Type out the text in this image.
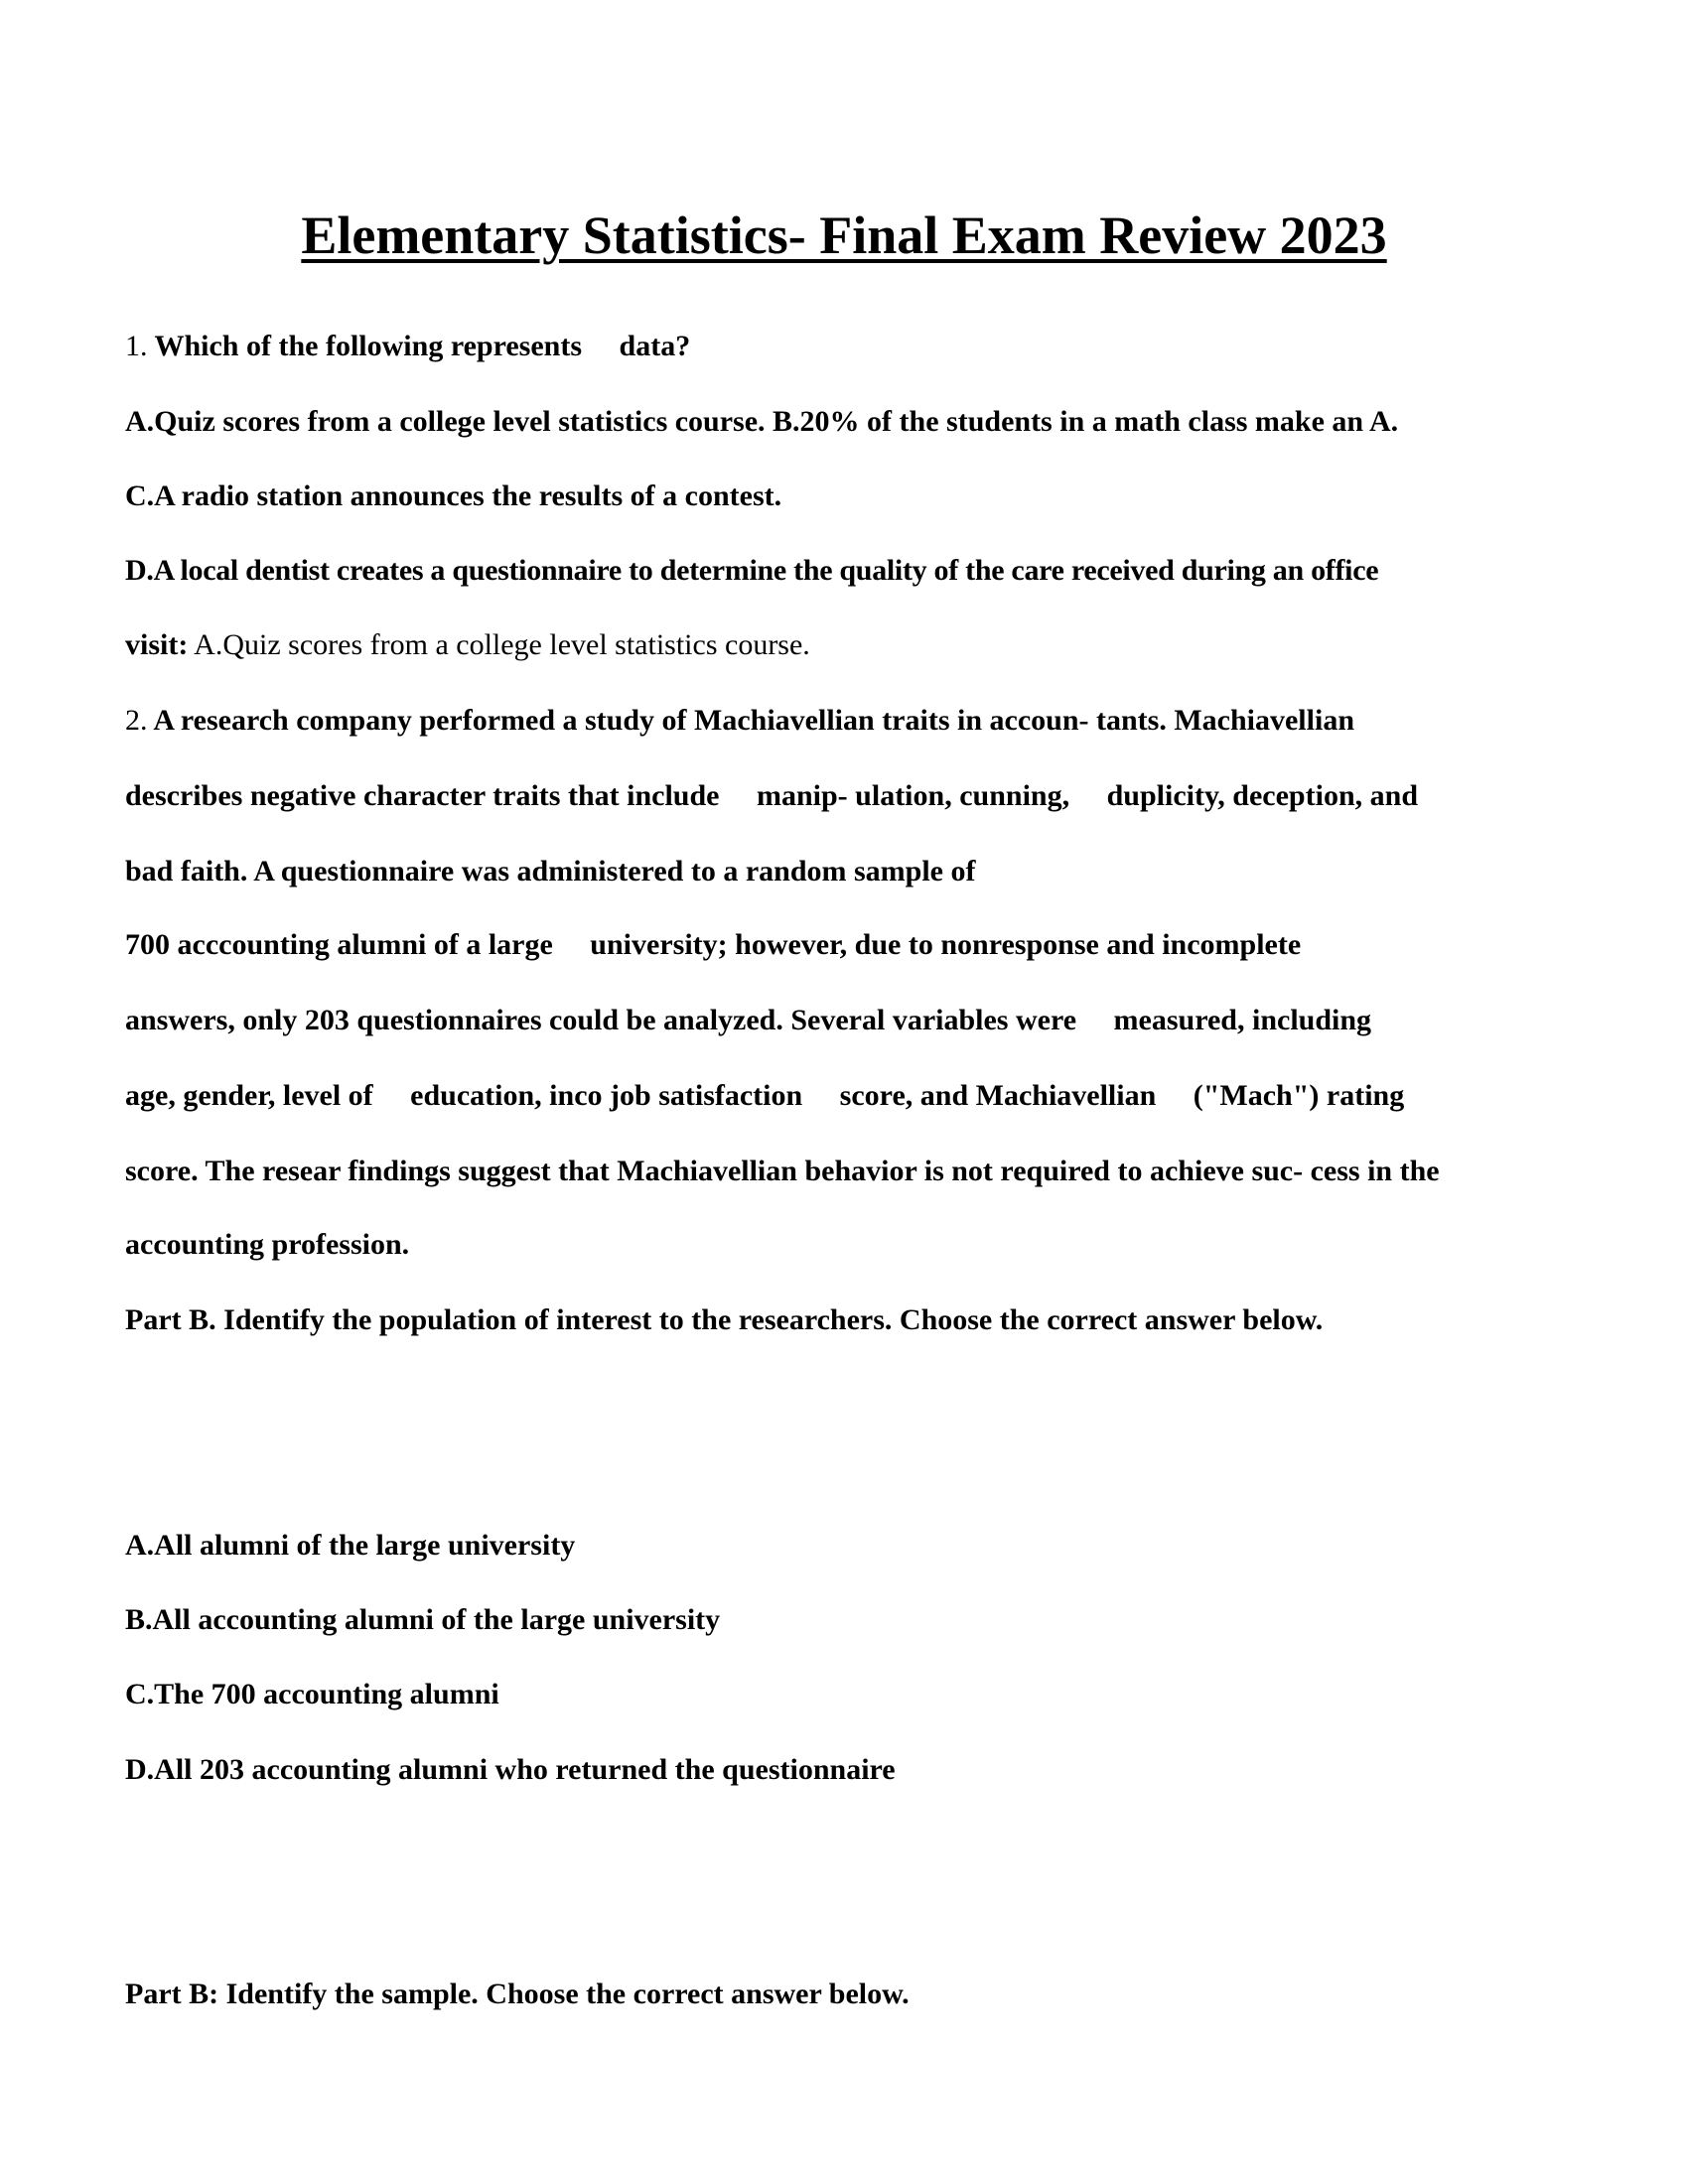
Elementary Statistics- Final Exam Review 2023
1. Which of the following represents     data?
A.Quiz scores from a college level statistics course. B.20% of the students in a math class make an A.
C.A radio station announces the results of a contest.
D.A local dentist creates a questionnaire to determine the quality of the care received during an office
visit: A.Quiz scores from a college level statistics course.
2. A research company performed a study of Machiavellian traits in accoun- tants. Machiavellian
describes negative character traits that include     manip- ulation, cunning,     duplicity, deception, and
bad faith. A questionnaire was administered to a random sample of
700 acccounting alumni of a large     university; however, due to nonresponse and incomplete
answers, only 203 questionnaires could be analyzed. Several variables were     measured, including
age, gender, level of     education, inco job satisfaction     score, and Machiavellian     ("Mach") rating
score. The resear findings suggest that Machiavellian behavior is not required to achieve suc- cess in the
accounting profession.
Part B. Identify the population of interest to the researchers. Choose the correct answer below.
A.All alumni of the large university
B.All accounting alumni of the large university
C.The 700 accounting alumni
D.All 203 accounting alumni who returned the questionnaire
Part B: Identify the sample. Choose the correct answer below.
